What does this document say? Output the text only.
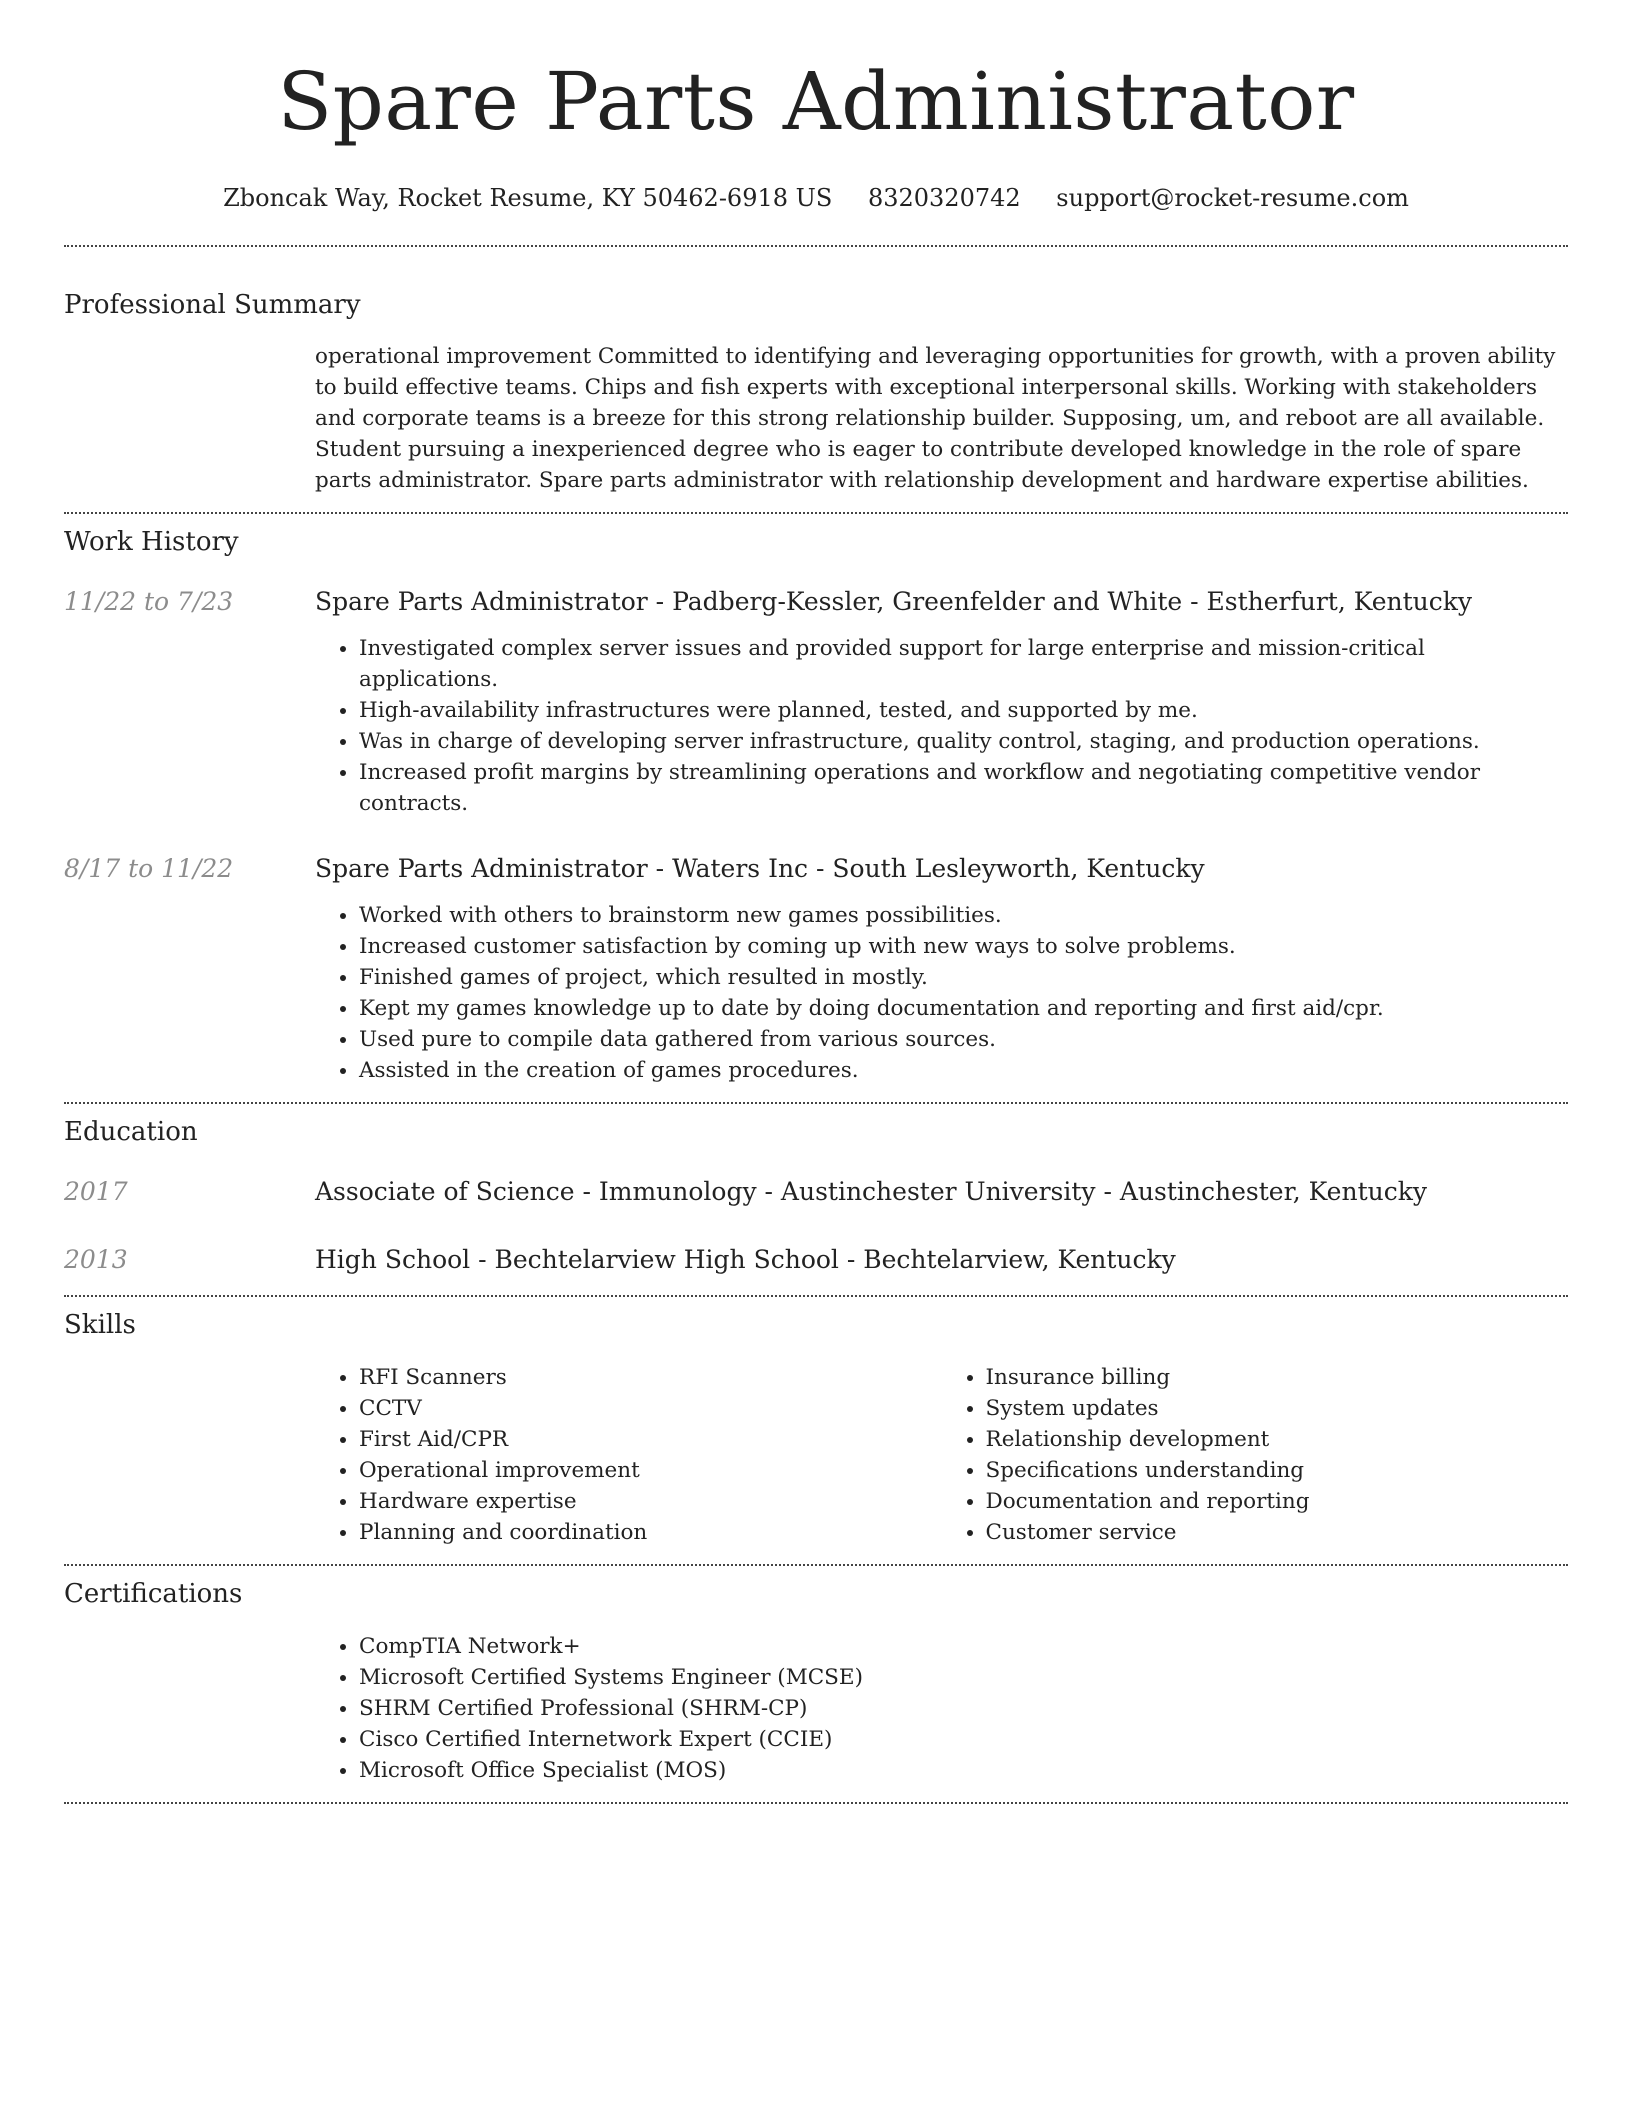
Spare Parts Administrator
Zboncak Way, Rocket Resume, KY 50462-6918 US 8320320742 support@rocket-resume.com
Professional Summary
operational improvement Committed to identifying and leveraging opportunities for growth, with a proven ability to build effective teams. Chips and fish experts with exceptional interpersonal skills. Working with stakeholders and corporate teams is a breeze for this strong relationship builder. Supposing, um, and reboot are all available. Student pursuing a inexperienced degree who is eager to contribute developed knowledge in the role of spare parts administrator. Spare parts administrator with relationship development and hardware expertise abilities.
Work History
11/22 to 7/23	Spare Parts Administrator - Padberg-Kessler, Greenfelder and White - Estherfurt, Kentucky
• Investigated complex server issues and provided support for large enterprise and mission-critical applications.
• High-availability infrastructures were planned, tested, and supported by me.
• Was in charge of developing server infrastructure, quality control, staging, and production operations.
• Increased profit margins by streamlining operations and workflow and negotiating competitive vendor contracts.
8/17 to 11/22	Spare Parts Administrator - Waters Inc - South Lesleyworth, Kentucky
• Worked with others to brainstorm new games possibilities.
• Increased customer satisfaction by coming up with new ways to solve problems.
• Finished games of project, which resulted in mostly.
• Kept my games knowledge up to date by doing documentation and reporting and first aid/cpr.
• Used pure to compile data gathered from various sources.
• Assisted in the creation of games procedures.
Education
2017	Associate of Science - Immunology - Austinchester University - Austinchester, Kentucky
2013	High School - Bechtelarview High School - Bechtelarview, Kentucky
Skills
• RFI Scanners
• CCTV
• First Aid/CPR
• Operational improvement
• Hardware expertise
• Planning and coordination
• Insurance billing
• System updates
• Relationship development
• Specifications understanding
• Documentation and reporting
• Customer service
Certifications
• CompTIA Network+
• Microsoft Certified Systems Engineer (MCSE)
• SHRM Certified Professional (SHRM-CP)
• Cisco Certified Internetwork Expert (CCIE)
• Microsoft Office Specialist (MOS)
